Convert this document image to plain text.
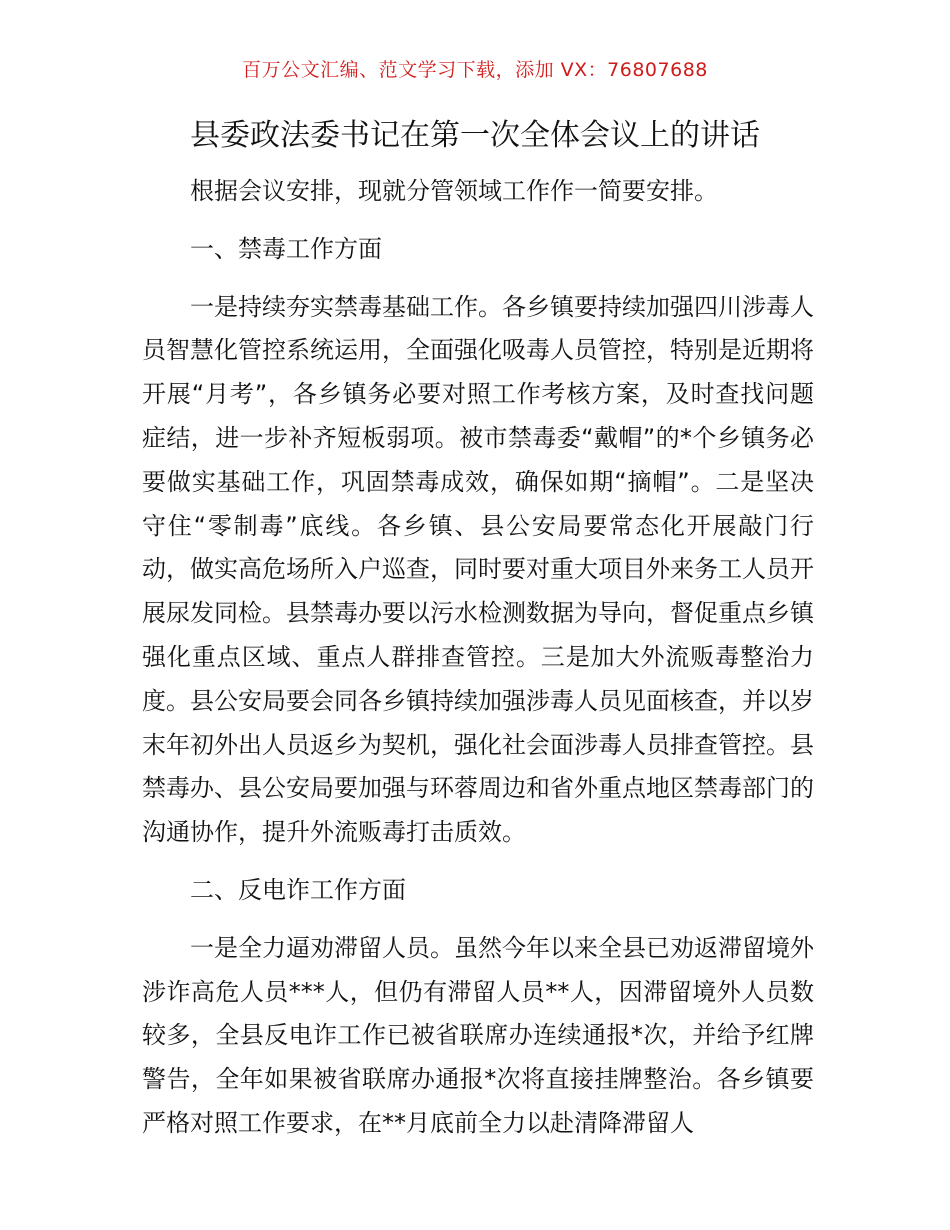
百万公文汇编、范文学习下载，添加 VX：76807688
县委政法委书记在第一次全体会议上的讲话

根据会议安排，现就分管领域工作作一简要安排。

一、禁毒工作方面

一是持续夯实禁毒基础工作。各乡镇要持续加强四川涉毒人员智慧化管控系统运用，全面强化吸毒人员管控，特别是近期将开展“月考”，各乡镇务必要对照工作考核方案，及时查找问题症结，进一步补齐短板弱项。被市禁毒委“戴帽”的*个乡镇务必要做实基础工作，巩固禁毒成效，确保如期“摘帽”。二是坚决守住“零制毒”底线。各乡镇、县公安局要常态化开展敲门行动，做实高危场所入户巡查，同时要对重大项目外来务工人员开展尿发同检。县禁毒办要以污水检测数据为导向，督促重点乡镇强化重点区域、重点人群排查管控。三是加大外流贩毒整治力度。县公安局要会同各乡镇持续加强涉毒人员见面核查，并以岁末年初外出人员返乡为契机，强化社会面涉毒人员排查管控。县禁毒办、县公安局要加强与环蓉周边和省外重点地区禁毒部门的沟通协作，提升外流贩毒打击质效。

二、反电诈工作方面

一是全力逼劝滞留人员。虽然今年以来全县已劝返滞留境外涉诈高危人员***人，但仍有滞留人员**人，因滞留境外人员数较多，全县反电诈工作已被省联席办连续通报*次，并给予红牌警告，全年如果被省联席办通报*次将直接挂牌整治。各乡镇要严格对照工作要求，在**月底前全力以赴清降滞留人
